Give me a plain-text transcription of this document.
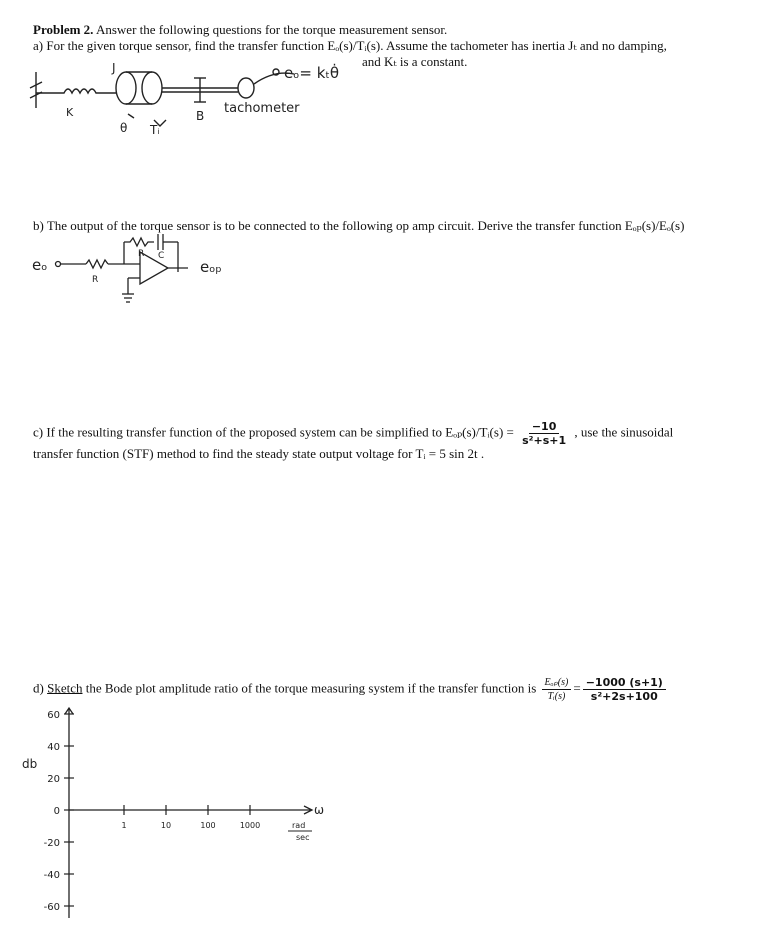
Problem 2. Answer the following questions for the torque measurement sensor.
a) For the given torque sensor, find the transfer function Eₒ(s)/Tᵢ(s). Assume the tachometer has inertia Jₜ and no damping,
and Kₜ is a constant.
J
K
θ Tᵢ
B
eₒ= kₜθ̇
tachometer
b) The output of the torque sensor is to be connected to the following op amp circuit. Derive the transfer function Eₒₚ(s)/Eₒ(s)
eₒ
R
R C
eₒₚ
c) If the resulting transfer function of the proposed system can be simplified to Eₒₚ(s)/Tᵢ(s) = $\frac{-10}{\text{s²+s+1}}$ , use the sinusoidal
transfer function (STF) method to find the steady state output voltage for Tᵢ = 5 sin 2t .
d) Sketch the Bode plot amplitude ratio of the torque measuring system if the transfer function is $\frac{\text{Eₒₚ(s)}}{\text{Tᵢ(s)}} = \frac{-1000 (s+1)}{\text{s²+2s+100}}$
60
40
20
0
-20
-40
-60
1	10	100	1000
db
ω
rad
sec
